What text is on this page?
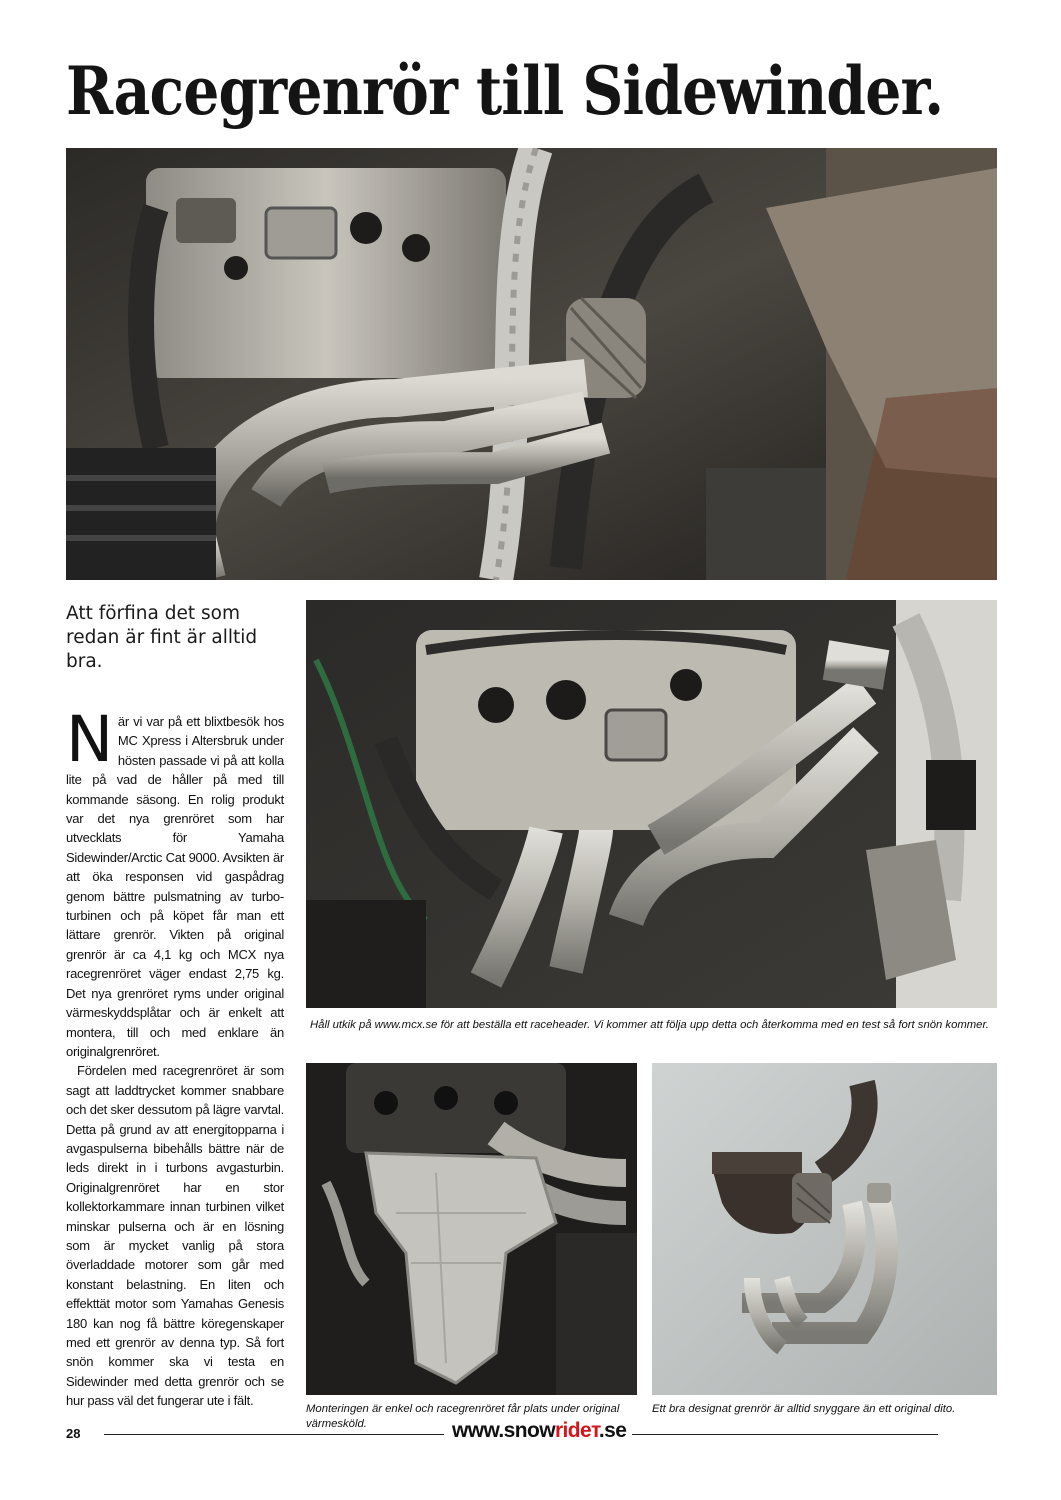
Racegrenrör till Sidewinder.

Att förfina det som redan är fint är alltid bra.

När vi var på ett blixtbesök hos MC Xpress i Altersbruk under hösten passade vi på att kolla lite på vad de håller på med till kommande säsong. En rolig produkt var det nya grenröret som har utvecklats för Yamaha Sidewinder/Arctic Cat 9000. Avsikten är att öka responsen vid gaspådrag genom bättre pulsmatning av turbo-turbinen och på köpet får man ett lättare grenrör. Vikten på original grenrör är ca 4,1 kg och MCX nya racegrenröret väger endast 2,75 kg. Det nya grenröret ryms under original värmeskyddsplåtar och är enkelt att montera, till och med enklare än originalgrenröret.

Fördelen med racegrenröret är som sagt att laddtrycket kommer snabbare och det sker dessutom på lägre varvtal. Detta på grund av att energitopparna i avgaspulserna bibehålls bättre när de leds direkt in i turbons avgasturbin. Originalgrenröret har en stor kollektorkammare innan turbinen vilket minskar pulserna och är en lösning som är mycket vanlig på stora överladdade motorer som går med konstant belastning. En liten och effekttät motor som Yamahas Genesis 180 kan nog få bättre köregenskaper med ett grenrör av denna typ. Så fort snön kommer ska vi testa en Sidewinder med detta grenrör och se hur pass väl det fungerar ute i fält.

Håll utkik på www.mcx.se för att beställa ett raceheader. Vi kommer att följa upp detta och återkomma med en test så fort snön kommer.

Monteringen är enkel och racegrenröret får plats under original värmesköld.

Ett bra designat grenrör är alltid snyggare än ett original dito.

28	www.snowrideт.se
